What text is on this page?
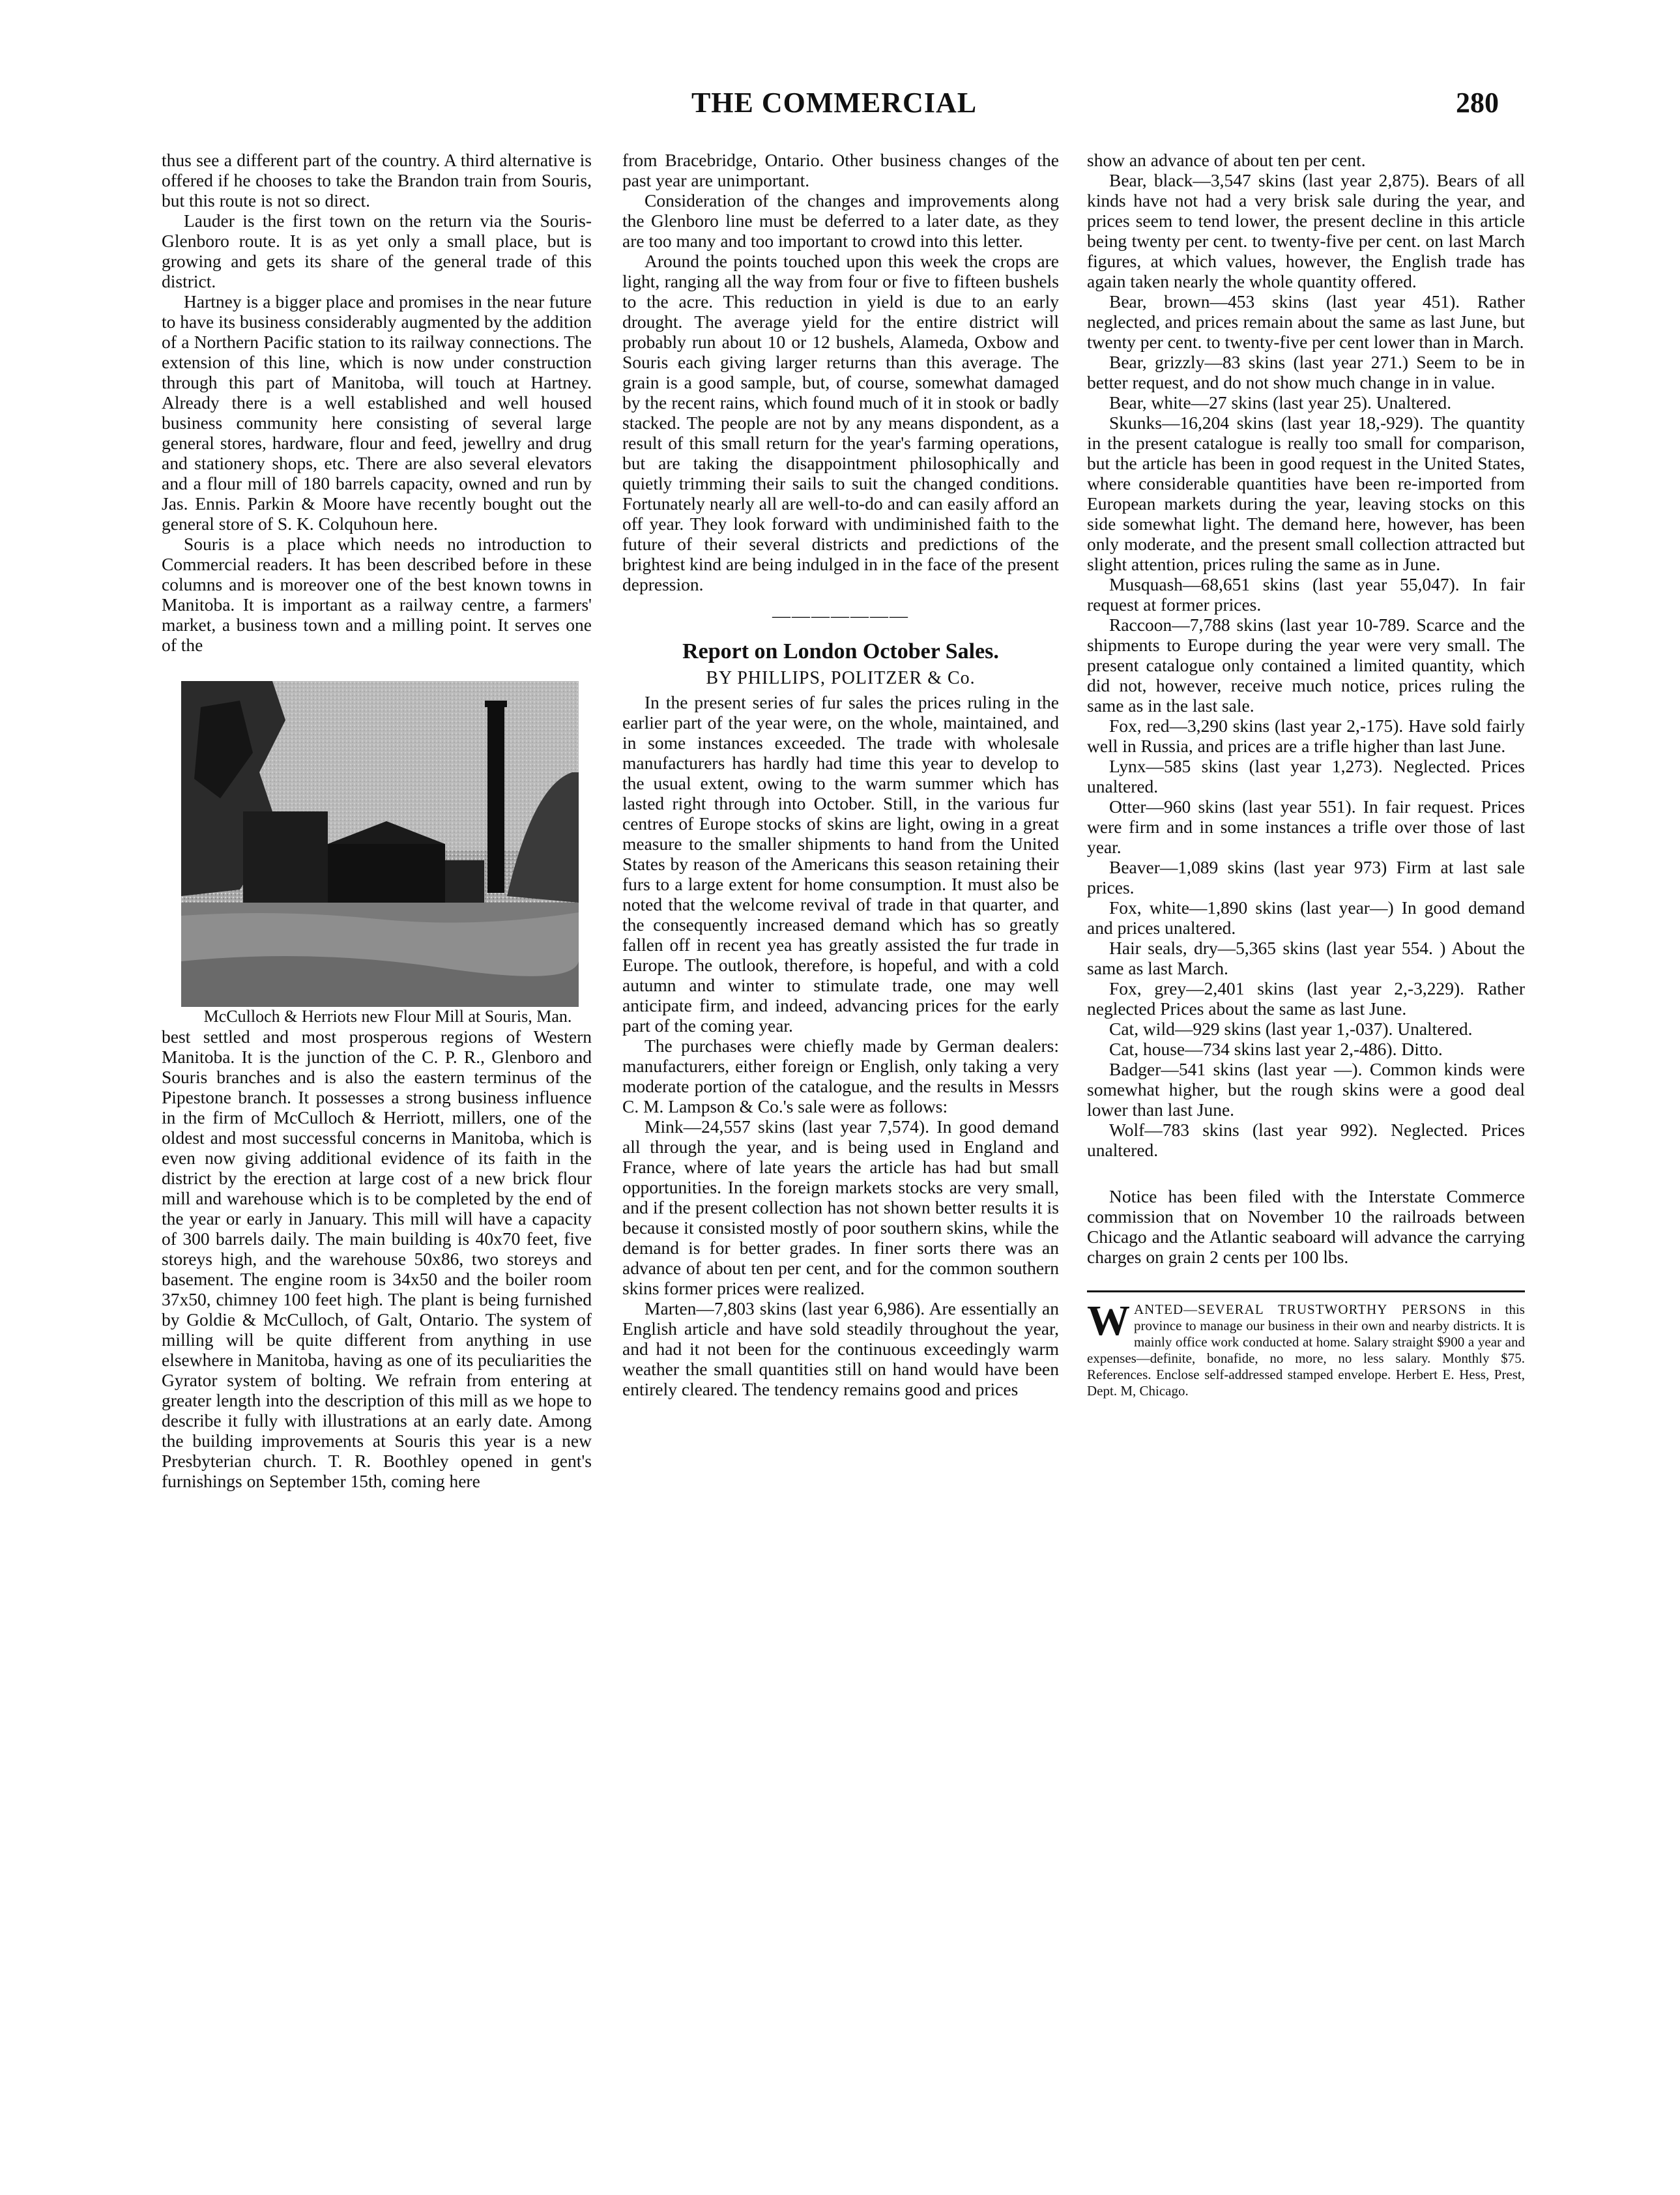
THE COMMERCIAL	280

thus see a different part of the country. A third alternative is offered if he chooses to take the Brandon train from Souris, but this route is not so direct.

Lauder is the first town on the return via the Souris-Glenboro route. It is as yet only a small place, but is growing and gets its share of the general trade of this district.

Hartney is a bigger place and promises in the near future to have its business considerably augmented by the addition of a Northern Pacific station to its railway connections. The extension of this line, which is now under construction through this part of Manitoba, will touch at Hartney. Already there is a well established and well housed business community here consisting of several large general stores, hardware, flour and feed, jewellry and drug and stationery shops, etc. There are also several elevators and a flour mill of 180 barrels capacity, owned and run by Jas. Ennis. Parkin & Moore have recently bought out the general store of S. K. Colquhoun here.

Souris is a place which needs no introduction to Commercial readers. It has been described before in these columns and is moreover one of the best known towns in Manitoba. It is important as a railway centre, a farmers' market, a business town and a milling point. It serves one of the

McCulloch & Herriots new Flour Mill at Souris, Man.

best settled and most prosperous regions of Western Manitoba. It is the junction of the C. P. R., Glenboro and Souris branches and is also the eastern terminus of the Pipestone branch. It possesses a strong business influence in the firm of McCulloch & Herriott, millers, one of the oldest and most successful concerns in Manitoba, which is even now giving additional evidence of its faith in the district by the erection at large cost of a new brick flour mill and warehouse which is to be completed by the end of the year or early in January. This mill will have a capacity of 300 barrels daily. The main building is 40x70 feet, five storeys high, and the warehouse 50x86, two storeys and basement. The engine room is 34x50 and the boiler room 37x50, chimney 100 feet high. The plant is being furnished by Goldie & McCulloch, of Galt, Ontario. The system of milling will be quite different from anything in use elsewhere in Manitoba, having as one of its peculiarities the Gyrator system of bolting. We refrain from entering at greater length into the description of this mill as we hope to describe it fully with illustrations at an early date. Among the building improvements at Souris this year is a new Presbyterian church. T. R. Boothley opened in gent's furnishings on September 15th, coming here

from Bracebridge, Ontario. Other business changes of the past year are unimportant.

Consideration of the changes and improvements along the Glenboro line must be deferred to a later date, as they are too many and too important to crowd into this letter.

Around the points touched upon this week the crops are light, ranging all the way from four or five to fifteen bushels to the acre. This reduction in yield is due to an early drought. The average yield for the entire district will probably run about 10 or 12 bushels, Alameda, Oxbow and Souris each giving larger returns than this average. The grain is a good sample, but, of course, somewhat damaged by the recent rains, which found much of it in stook or badly stacked. The people are not by any means dispondent, as a result of this small return for the year's farming operations, but are taking the disappointment philosophically and quietly trimming their sails to suit the changed conditions. Fortunately nearly all are well-to-do and can easily afford an off year. They look forward with undiminished faith to the future of their several districts and predictions of the brightest kind are being indulged in in the face of the present depression.

———————
Report on London October Sales.
BY PHILLIPS, POLITZER & Co.

In the present series of fur sales the prices ruling in the earlier part of the year were, on the whole, maintained, and in some instances exceeded. The trade with wholesale manufacturers has hardly had time this year to develop to the usual extent, owing to the warm summer which has lasted right through into October. Still, in the various fur centres of Europe stocks of skins are light, owing in a great measure to the smaller shipments to hand from the United States by reason of the Americans this season retaining their furs to a large extent for home consumption. It must also be noted that the welcome revival of trade in that quarter, and the consequently increased demand which has so greatly fallen off in recent yea has greatly assisted the fur trade in Europe. The outlook, therefore, is hopeful, and with a cold autumn and winter to stimulate trade, one may well anticipate firm, and indeed, advancing prices for the early part of the coming year.

The purchases were chiefly made by German dealers: manufacturers, either foreign or English, only taking a very moderate portion of the catalogue, and the results in Messrs C. M. Lampson & Co.'s sale were as follows:

Mink—24,557 skins (last year 7,574). In good demand all through the year, and is being used in England and France, where of late years the article has had but small opportunities. In the foreign markets stocks are very small, and if the present collection has not shown better results it is because it consisted mostly of poor southern skins, while the demand is for better grades. In finer sorts there was an advance of about ten per cent, and for the common southern skins former prices were realized.

Marten—7,803 skins (last year 6,986). Are essentially an English article and have sold steadily throughout the year, and had it not been for the continuous exceedingly warm weather the small quantities still on hand would have been entirely cleared. The tendency remains good and prices

show an advance of about ten per cent.

Bear, black—3,547 skins (last year 2,875). Bears of all kinds have not had a very brisk sale during the year, and prices seem to tend lower, the present decline in this article being twenty per cent. to twenty-five per cent. on last March figures, at which values, however, the English trade has again taken nearly the whole quantity offered.

Bear, brown—453 skins (last year 451). Rather neglected, and prices remain about the same as last June, but twenty per cent. to twenty-five per cent lower than in March.

Bear, grizzly—83 skins (last year 271.) Seem to be in better request, and do not show much change in in value.

Bear, white—27 skins (last year 25). Unaltered.

Skunks—16,204 skins (last year 18,-929). The quantity in the present catalogue is really too small for comparison, but the article has been in good request in the United States, where considerable quantities have been re-imported from European markets during the year, leaving stocks on this side somewhat light. The demand here, however, has been only moderate, and the present small collection attracted but slight attention, prices ruling the same as in June.

Musquash—68,651 skins (last year 55,047). In fair request at former prices.

Raccoon—7,788 skins (last year 10-789. Scarce and the shipments to Europe during the year were very small. The present catalogue only contained a limited quantity, which did not, however, receive much notice, prices ruling the same as in the last sale.

Fox, red—3,290 skins (last year 2,-175). Have sold fairly well in Russia, and prices are a trifle higher than last June.

Lynx—585 skins (last year 1,273). Neglected. Prices unaltered.

Otter—960 skins (last year 551). In fair request. Prices were firm and in some instances a trifle over those of last year.

Beaver—1,089 skins (last year 973) Firm at last sale prices.

Fox, white—1,890 skins (last year—) In good demand and prices unaltered.

Hair seals, dry—5,365 skins (last year 554. ) About the same as last March.

Fox, grey—2,401 skins (last year 2,-3,229). Rather neglected Prices about the same as last June.

Cat, wild—929 skins (last year 1,-037). Unaltered.

Cat, house—734 skins last year 2,-486). Ditto.

Badger—541 skins (last year —). Common kinds were somewhat higher, but the rough skins were a good deal lower than last June.

Wolf—783 skins (last year 992). Neglected. Prices unaltered.

Notice has been filed with the Interstate Commerce commission that on November 10 the railroads between Chicago and the Atlantic seaboard will advance the carrying charges on grain 2 cents per 100 lbs.

W ANTED—SEVERAL TRUSTWORTHY PERSONS in this province to manage our business in their own and nearby districts. It is mainly office work conducted at home. Salary straight $900 a year and expenses—definite, bonafide, no more, no less salary. Monthly $75. References. Enclose self-addressed stamped envelope. Herbert E. Hess, Prest, Dept. M, Chicago.
